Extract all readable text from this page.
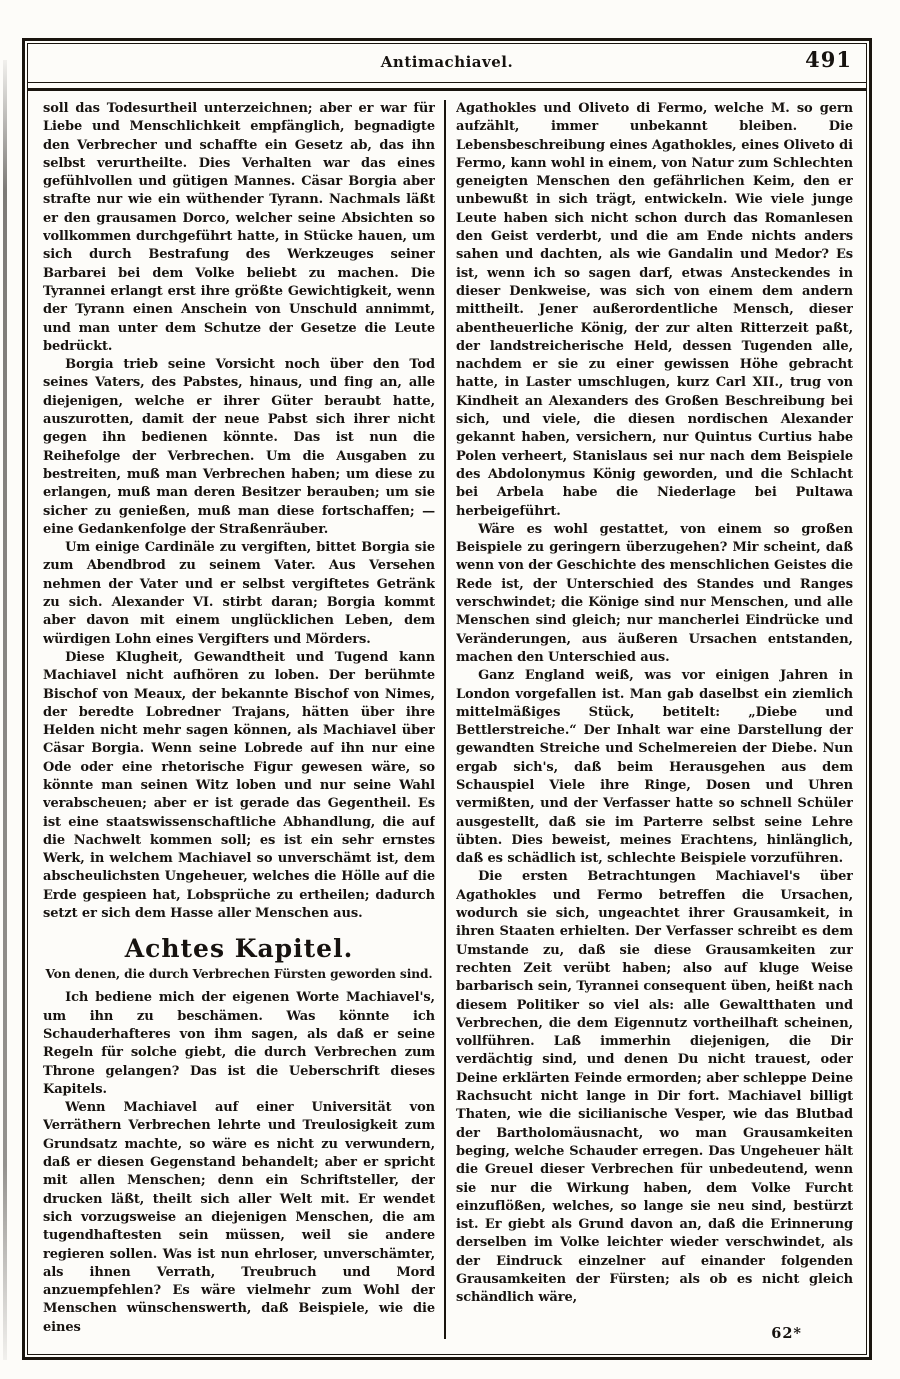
Antimachiavel.	491

soll das Todesurtheil unterzeichnen; aber er war für Liebe und Menschlichkeit empfänglich, begnadigte den Verbrecher und schaffte ein Gesetz ab, das ihn selbst verurtheilte. Dies Verhalten war das eines gefühlvollen und gütigen Mannes. Cäsar Borgia aber strafte nur wie ein wüthender Tyrann. Nachmals läßt er den grausamen Dorco, welcher seine Absichten so vollkommen durchgeführt hatte, in Stücke hauen, um sich durch Bestrafung des Werkzeuges seiner Barbarei bei dem Volke beliebt zu machen. Die Tyrannei erlangt erst ihre größte Gewichtigkeit, wenn der Tyrann einen Anschein von Unschuld annimmt, und man unter dem Schutze der Gesetze die Leute bedrückt.

Borgia trieb seine Vorsicht noch über den Tod seines Vaters, des Pabstes, hinaus, und fing an, alle diejenigen, welche er ihrer Güter beraubt hatte, auszurotten, damit der neue Pabst sich ihrer nicht gegen ihn bedienen könnte. Das ist nun die Reihefolge der Verbrechen. Um die Ausgaben zu bestreiten, muß man Verbrechen haben; um diese zu erlangen, muß man deren Besitzer berauben; um sie sicher zu genießen, muß man diese fortschaffen; — eine Gedankenfolge der Straßenräuber.

Um einige Cardinäle zu vergiften, bittet Borgia sie zum Abendbrod zu seinem Vater. Aus Versehen nehmen der Vater und er selbst vergiftetes Getränk zu sich. Alexander VI. stirbt daran; Borgia kommt aber davon mit einem unglücklichen Leben, dem würdigen Lohn eines Vergifters und Mörders.

Diese Klugheit, Gewandtheit und Tugend kann Machiavel nicht aufhören zu loben. Der berühmte Bischof von Meaux, der bekannte Bischof von Nimes, der beredte Lobredner Trajans, hätten über ihre Helden nicht mehr sagen können, als Machiavel über Cäsar Borgia. Wenn seine Lobrede auf ihn nur eine Ode oder eine rhetorische Figur gewesen wäre, so könnte man seinen Witz loben und nur seine Wahl verabscheuen; aber er ist gerade das Gegentheil. Es ist eine staatswissenschaftliche Abhandlung, die auf die Nachwelt kommen soll; es ist ein sehr ernstes Werk, in welchem Machiavel so unverschämt ist, dem abscheulichsten Ungeheuer, welches die Hölle auf die Erde gespieen hat, Lobsprüche zu ertheilen; dadurch setzt er sich dem Hasse aller Menschen aus.

Achtes Kapitel.

Von denen, die durch Verbrechen Fürsten geworden sind.

Ich bediene mich der eigenen Worte Machiavel's, um ihn zu beschämen. Was könnte ich Schauderhafteres von ihm sagen, als daß er seine Regeln für solche giebt, die durch Verbrechen zum Throne gelangen? Das ist die Ueberschrift dieses Kapitels.

Wenn Machiavel auf einer Universität von Verräthern Verbrechen lehrte und Treulosigkeit zum Grundsatz machte, so wäre es nicht zu verwundern, daß er diesen Gegenstand behandelt; aber er spricht mit allen Menschen; denn ein Schriftsteller, der drucken läßt, theilt sich aller Welt mit. Er wendet sich vorzugsweise an diejenigen Menschen, die am tugendhaftesten sein müssen, weil sie andere regieren sollen. Was ist nun ehrloser, unverschämter, als ihnen Verrath, Treubruch und Mord anzuempfehlen? Es wäre vielmehr zum Wohl der Menschen wünschenswerth, daß Beispiele, wie die eines

Agathokles und Oliveto di Fermo, welche M. so gern aufzählt, immer unbekannt bleiben. Die Lebensbeschreibung eines Agathokles, eines Oliveto di Fermo, kann wohl in einem, von Natur zum Schlechten geneigten Menschen den gefährlichen Keim, den er unbewußt in sich trägt, entwickeln. Wie viele junge Leute haben sich nicht schon durch das Romanlesen den Geist verderbt, und die am Ende nichts anders sahen und dachten, als wie Gandalin und Medor? Es ist, wenn ich so sagen darf, etwas Ansteckendes in dieser Denkweise, was sich von einem dem andern mittheilt. Jener außerordentliche Mensch, dieser abentheuerliche König, der zur alten Ritterzeit paßt, der landstreicherische Held, dessen Tugenden alle, nachdem er sie zu einer gewissen Höhe gebracht hatte, in Laster umschlugen, kurz Carl XII., trug von Kindheit an Alexanders des Großen Beschreibung bei sich, und viele, die diesen nordischen Alexander gekannt haben, versichern, nur Quintus Curtius habe Polen verheert, Stanislaus sei nur nach dem Beispiele des Abdolonymus König geworden, und die Schlacht bei Arbela habe die Niederlage bei Pultawa herbeigeführt.

Wäre es wohl gestattet, von einem so großen Beispiele zu geringern überzugehen? Mir scheint, daß wenn von der Geschichte des menschlichen Geistes die Rede ist, der Unterschied des Standes und Ranges verschwindet; die Könige sind nur Menschen, und alle Menschen sind gleich; nur mancherlei Eindrücke und Veränderungen, aus äußeren Ursachen entstanden, machen den Unterschied aus.

Ganz England weiß, was vor einigen Jahren in London vorgefallen ist. Man gab daselbst ein ziemlich mittelmäßiges Stück, betitelt: „Diebe und Bettlerstreiche.“ Der Inhalt war eine Darstellung der gewandten Streiche und Schelmereien der Diebe. Nun ergab sich's, daß beim Herausgehen aus dem Schauspiel Viele ihre Ringe, Dosen und Uhren vermißten, und der Verfasser hatte so schnell Schüler ausgestellt, daß sie im Parterre selbst seine Lehre übten. Dies beweist, meines Erachtens, hinlänglich, daß es schädlich ist, schlechte Beispiele vorzuführen.

Die ersten Betrachtungen Machiavel's über Agathokles und Fermo betreffen die Ursachen, wodurch sie sich, ungeachtet ihrer Grausamkeit, in ihren Staaten erhielten. Der Verfasser schreibt es dem Umstande zu, daß sie diese Grausamkeiten zur rechten Zeit verübt haben; also auf kluge Weise barbarisch sein, Tyrannei consequent üben, heißt nach diesem Politiker so viel als: alle Gewaltthaten und Verbrechen, die dem Eigennutz vortheilhaft scheinen, vollführen. Laß immerhin diejenigen, die Dir verdächtig sind, und denen Du nicht trauest, oder Deine erklärten Feinde ermorden; aber schleppe Deine Rachsucht nicht lange in Dir fort. Machiavel billigt Thaten, wie die sicilianische Vesper, wie das Blutbad der Bartholomäusnacht, wo man Grausamkeiten beging, welche Schauder erregen. Das Ungeheuer hält die Greuel dieser Verbrechen für unbedeutend, wenn sie nur die Wirkung haben, dem Volke Furcht einzuflößen, welches, so lange sie neu sind, bestürzt ist. Er giebt als Grund davon an, daß die Erinnerung derselben im Volke leichter wieder verschwindet, als der Eindruck einzelner auf einander folgenden Grausamkeiten der Fürsten; als ob es nicht gleich schändlich wäre,

62*
